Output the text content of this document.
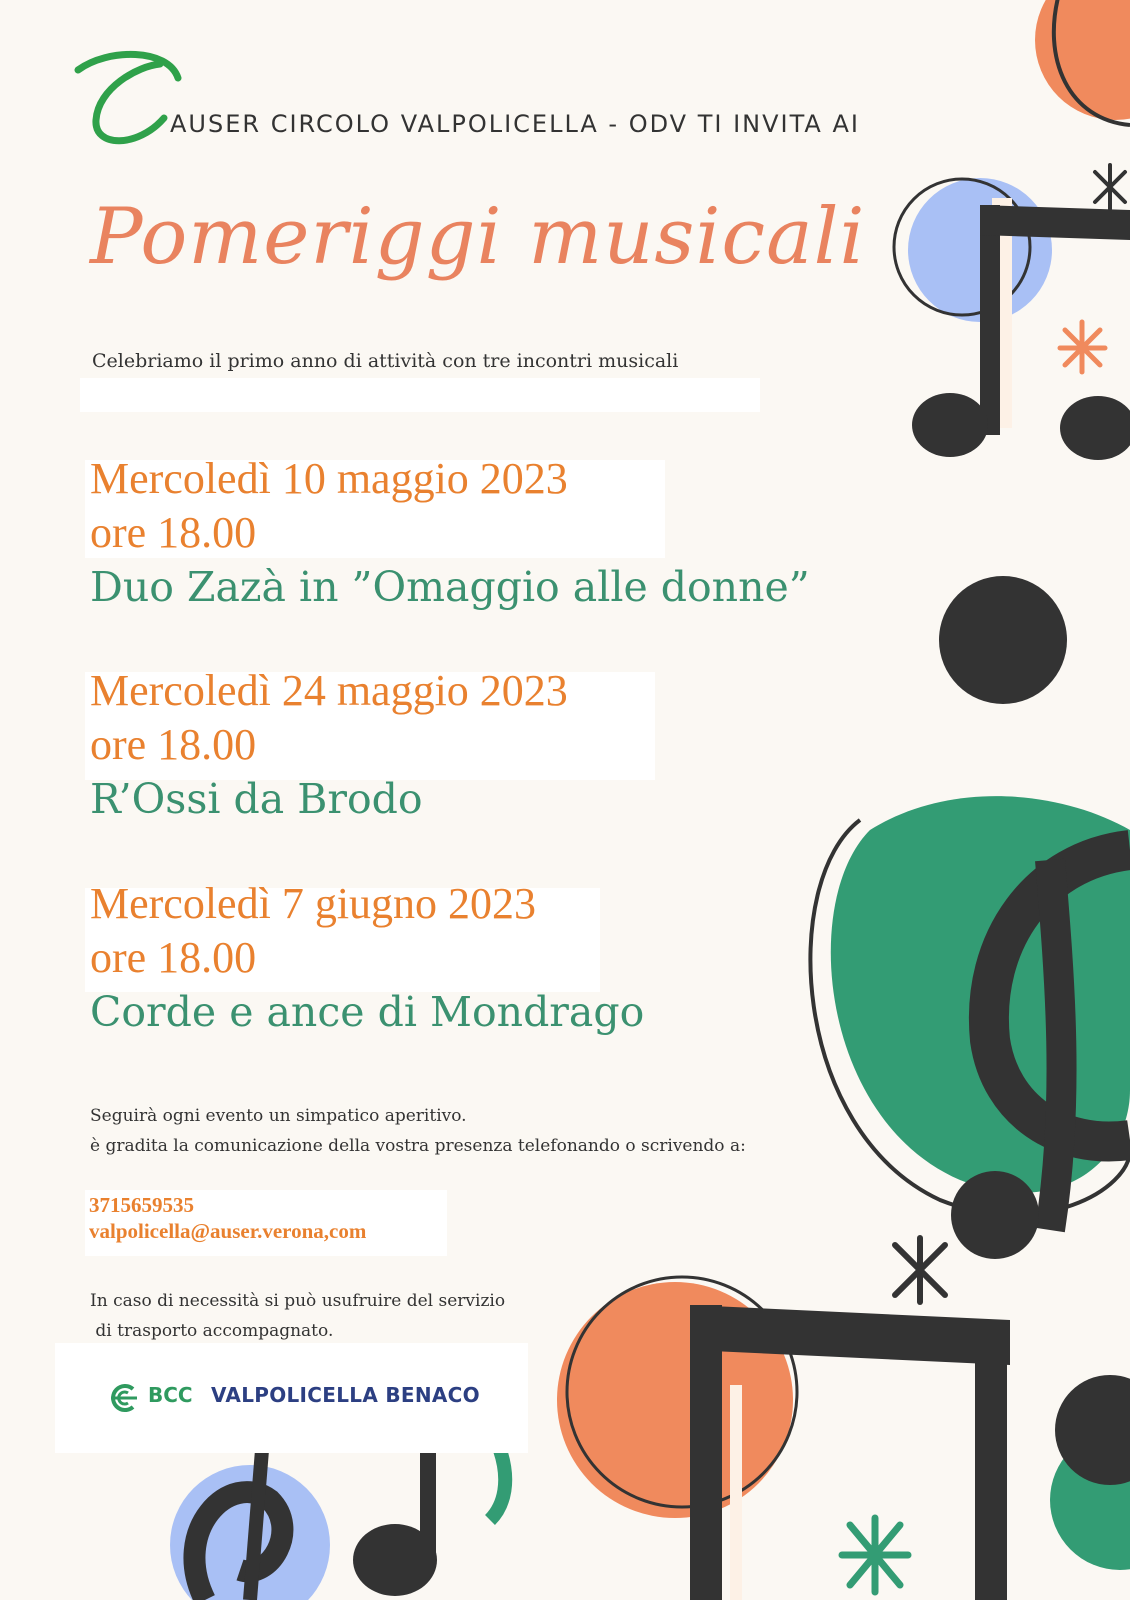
AUSER CIRCOLO VALPOLICELLA - ODV TI INVITA AI
Pomeriggi musicali
Celebriamo il primo anno di attività con tre incontri musicali
Mercoledì 10 maggio 2023
ore 18.00
Duo Zazà in ”Omaggio alle donne”
Mercoledì 24 maggio 2023
ore 18.00
R’Ossi da Brodo
Mercoledì 7 giugno 2023
ore 18.00
Corde e ance di Mondrago
Seguirà ogni evento un simpatico aperitivo.
è gradita la comunicazione della vostra presenza telefonando o scrivendo a:
3715659535
valpolicella@auser.verona,com
In caso di necessità si può usufruire del servizio
di trasporto accompagnato.
BCC VALPOLICELLA BENACO
